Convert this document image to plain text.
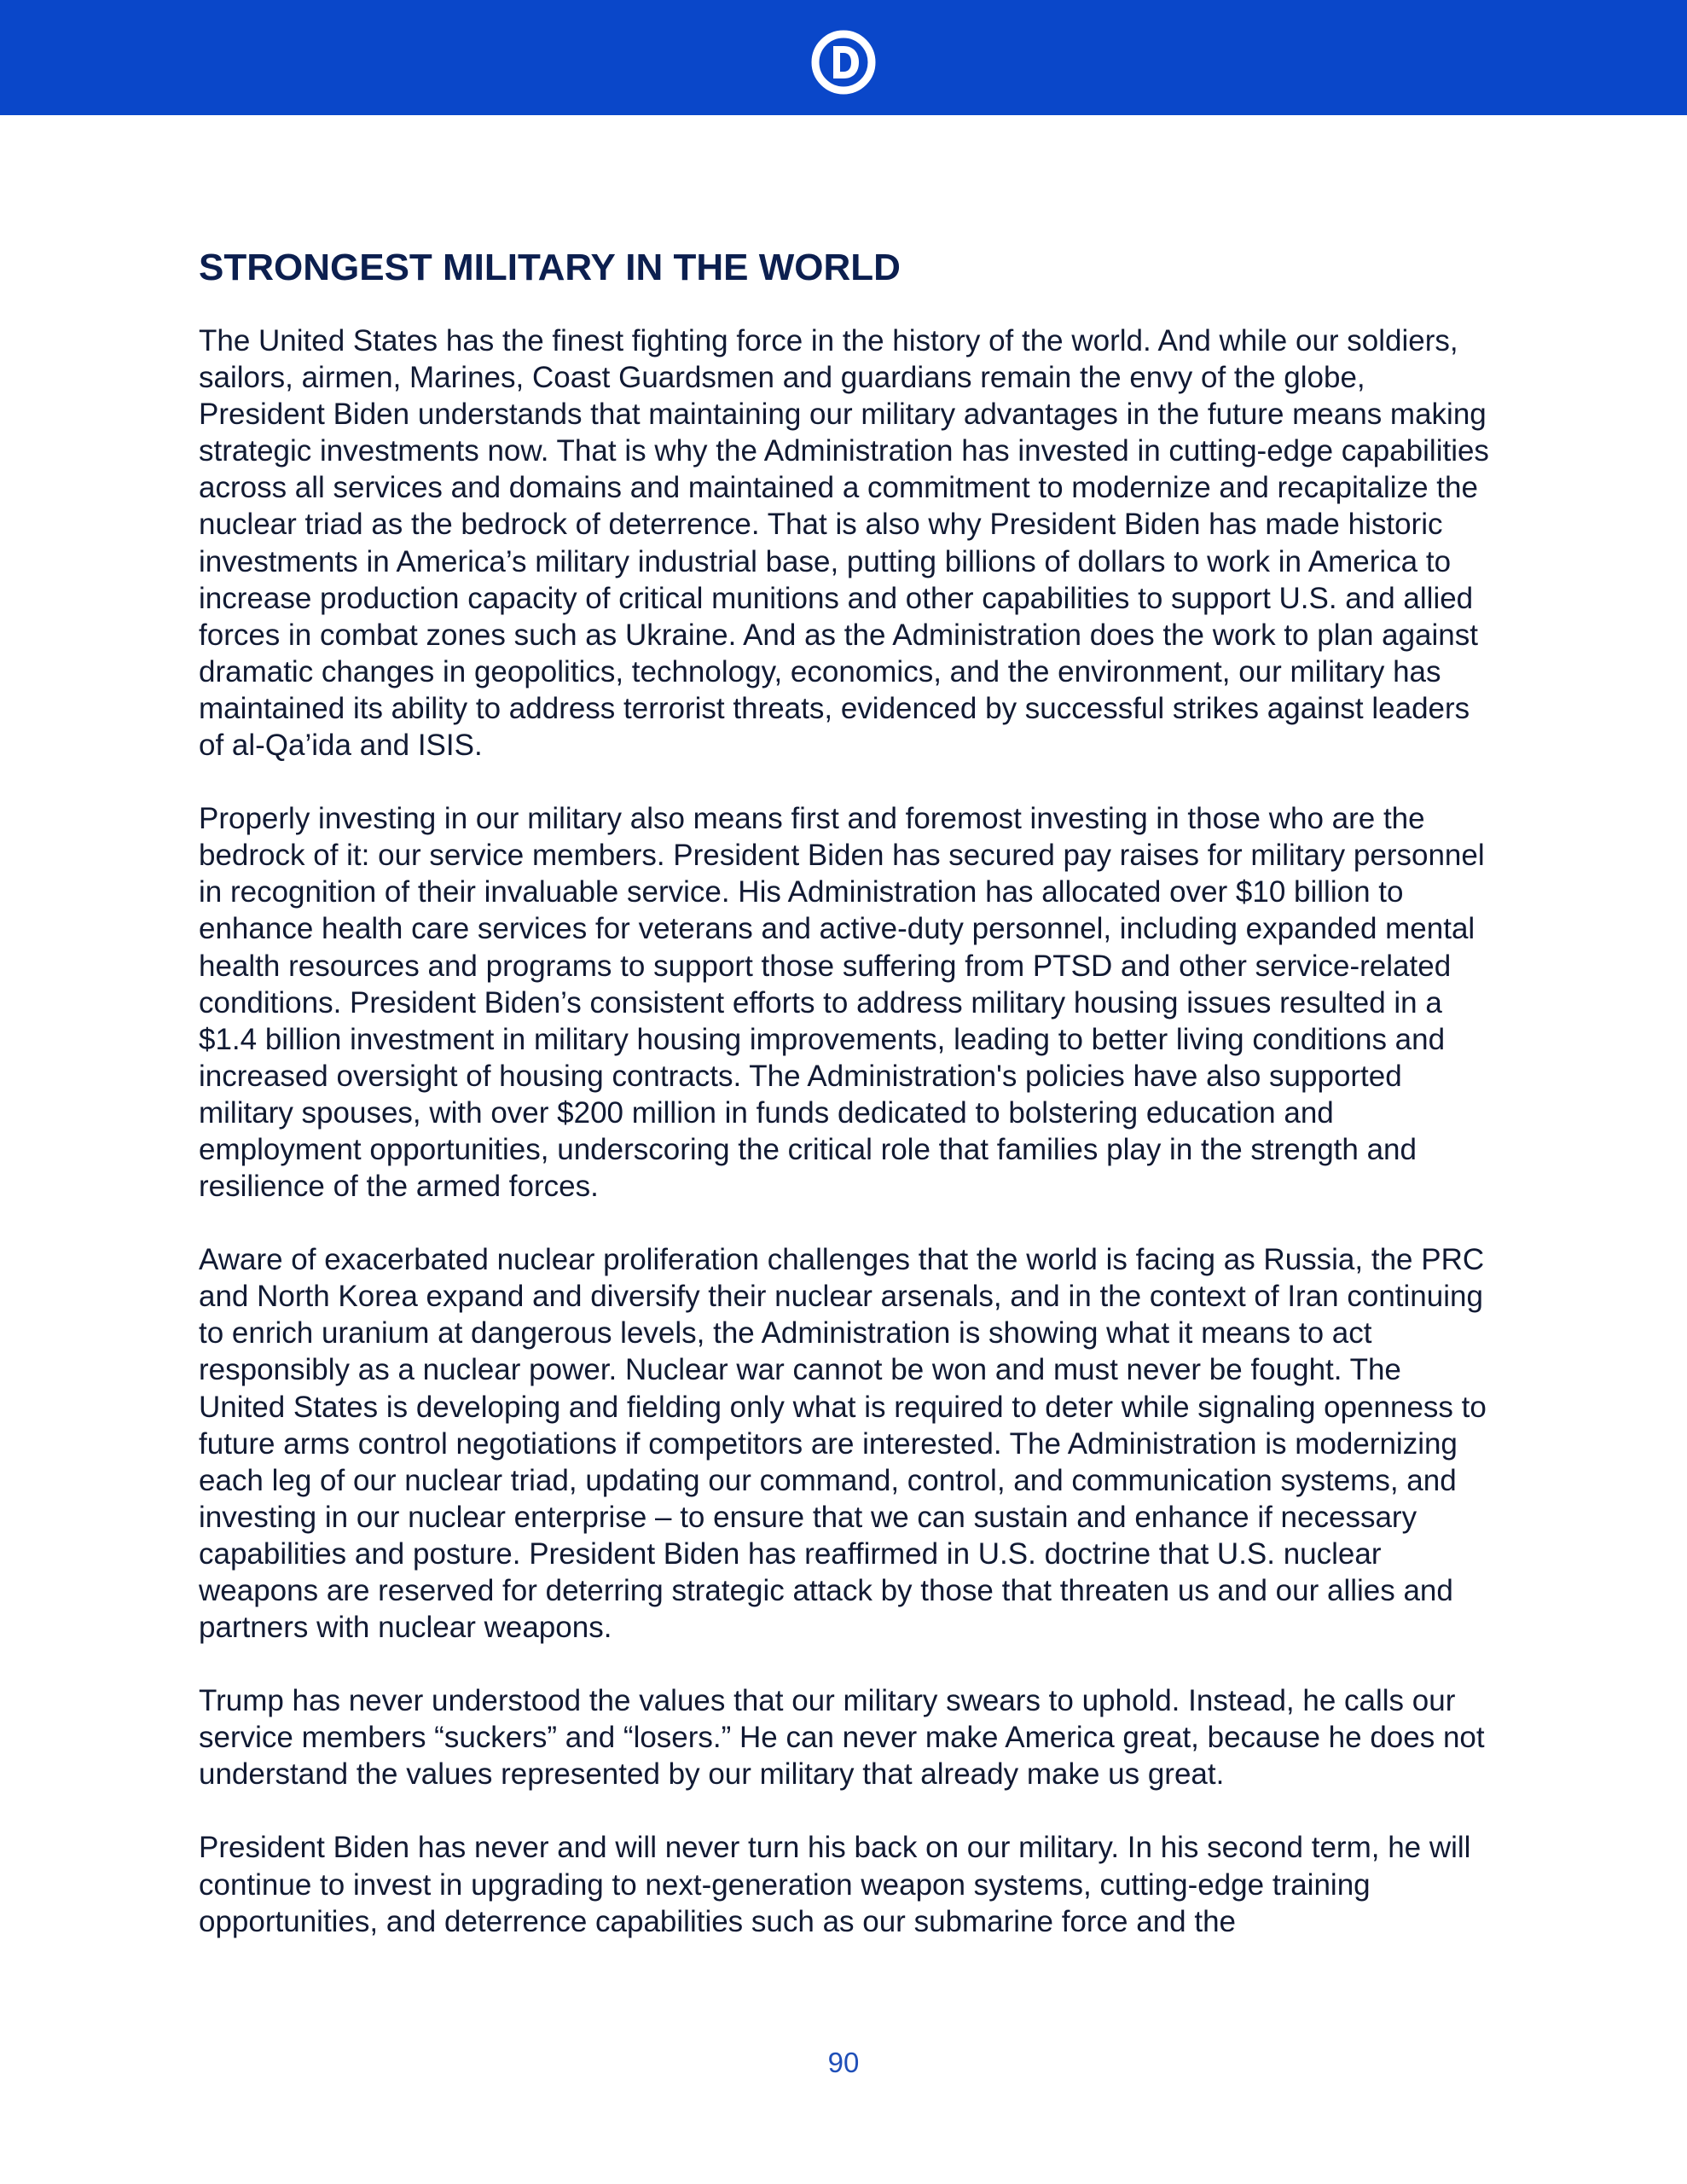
STRONGEST MILITARY IN THE WORLD

The United States has the finest fighting force in the history of the world. And while our soldiers, sailors, airmen, Marines, Coast Guardsmen and guardians remain the envy of the globe, President Biden understands that maintaining our military advantages in the future means making strategic investments now. That is why the Administration has invested in cutting-edge capabilities across all services and domains and maintained a commitment to modernize and recapitalize the nuclear triad as the bedrock of deterrence. That is also why President Biden has made historic investments in America’s military industrial base, putting billions of dollars to work in America to increase production capacity of critical munitions and other capabilities to support U.S. and allied forces in combat zones such as Ukraine. And as the Administration does the work to plan against dramatic changes in geopolitics, technology, economics, and the environment, our military has maintained its ability to address terrorist threats, evidenced by successful strikes against leaders of al-Qa’ida and ISIS.

Properly investing in our military also means first and foremost investing in those who are the bedrock of it: our service members. President Biden has secured pay raises for military personnel in recognition of their invaluable service. His Administration has allocated over $10 billion to enhance health care services for veterans and active-duty personnel, including expanded mental health resources and programs to support those suffering from PTSD and other service-related conditions. President Biden’s consistent efforts to address military housing issues resulted in a $1.4 billion investment in military housing improvements, leading to better living conditions and increased oversight of housing contracts. The Administration's policies have also supported military spouses, with over $200 million in funds dedicated to bolstering education and employment opportunities, underscoring the critical role that families play in the strength and resilience of the armed forces.

Aware of exacerbated nuclear proliferation challenges that the world is facing as Russia, the PRC and North Korea expand and diversify their nuclear arsenals, and in the context of Iran continuing to enrich uranium at dangerous levels, the Administration is showing what it means to act responsibly as a nuclear power. Nuclear war cannot be won and must never be fought. The United States is developing and fielding only what is required to deter while signaling openness to future arms control negotiations if competitors are interested. The Administration is modernizing each leg of our nuclear triad, updating our command, control, and communication systems, and investing in our nuclear enterprise – to ensure that we can sustain and enhance if necessary capabilities and posture. President Biden has reaffirmed in U.S. doctrine that U.S. nuclear weapons are reserved for deterring strategic attack by those that threaten us and our allies and partners with nuclear weapons.

Trump has never understood the values that our military swears to uphold. Instead, he calls our service members “suckers” and “losers.” He can never make America great, because he does not understand the values represented by our military that already make us great.

President Biden has never and will never turn his back on our military. In his second term, he will continue to invest in upgrading to next-generation weapon systems, cutting-edge training opportunities, and deterrence capabilities such as our submarine force and the

90
